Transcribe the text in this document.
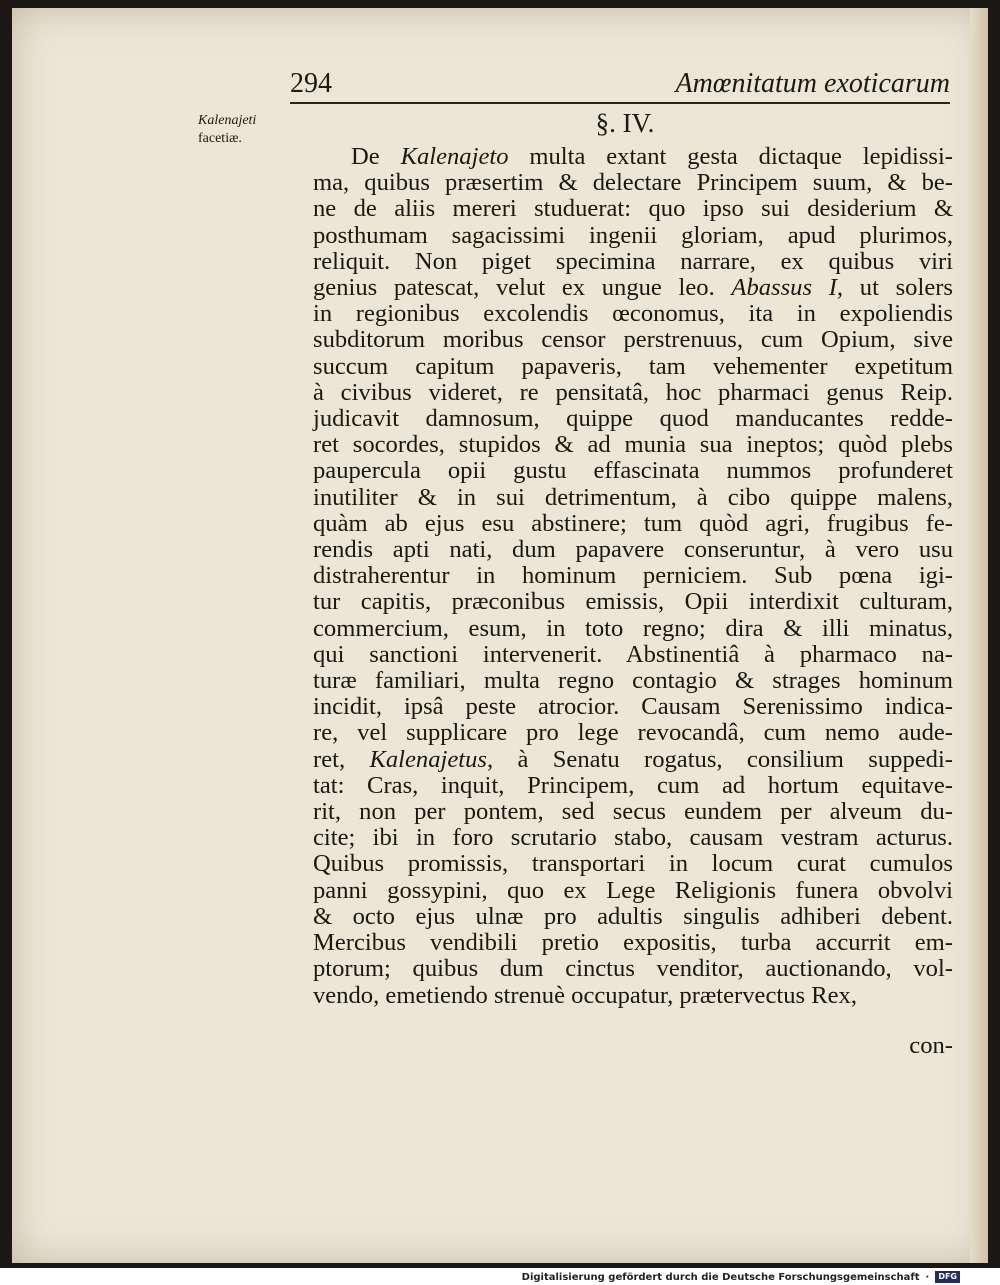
294	Amœnitatum exoticarum
Kalenajeti
facetiæ.
§. IV.
De Kalenajeto multa extant gesta dictaque lepidissi-
ma, quibus præsertim & delectare Principem suum, & be-
ne de aliis mereri studuerat: quo ipso sui desiderium &
posthumam sagacissimi ingenii gloriam, apud plurimos,
reliquit. Non piget specimina narrare, ex quibus viri
genius patescat, velut ex ungue leo. Abassus I, ut solers
in regionibus excolendis œconomus, ita in expoliendis
subditorum moribus censor perstrenuus, cum Opium, sive
succum capitum papaveris, tam vehementer expetitum
à civibus videret, re pensitatâ, hoc pharmaci genus Reip.
judicavit damnosum, quippe quod manducantes redde-
ret socordes, stupidos & ad munia sua ineptos; quòd plebs
paupercula opii gustu effascinata nummos profunderet
inutiliter & in sui detrimentum, à cibo quippe malens,
quàm ab ejus esu abstinere; tum quòd agri, frugibus fe-
rendis apti nati, dum papavere conseruntur, à vero usu
distraherentur in hominum perniciem. Sub pœna igi-
tur capitis, præconibus emissis, Opii interdixit culturam,
commercium, esum, in toto regno; dira & illi minatus,
qui sanctioni intervenerit. Abstinentiâ à pharmaco na-
turæ familiari, multa regno contagio & strages hominum
incidit, ipsâ peste atrocior. Causam Serenissimo indica-
re, vel supplicare pro lege revocandâ, cum nemo aude-
ret, Kalenajetus, à Senatu rogatus, consilium suppedi-
tat: Cras, inquit, Principem, cum ad hortum equitave-
rit, non per pontem, sed secus eundem per alveum du-
cite; ibi in foro scrutario stabo, causam vestram acturus.
Quibus promissis, transportari in locum curat cumulos
panni gossypini, quo ex Lege Religionis funera obvolvi
& octo ejus ulnæ pro adultis singulis adhiberi debent.
Mercibus vendibili pretio expositis, turba accurrit em-
ptorum; quibus dum cinctus venditor, auctionando, vol-
vendo, emetiendo strenuè occupatur, prætervectus Rex,
con-
Digitalisierung gefördert durch die Deutsche Forschungsgemeinschaft ·	DFG
